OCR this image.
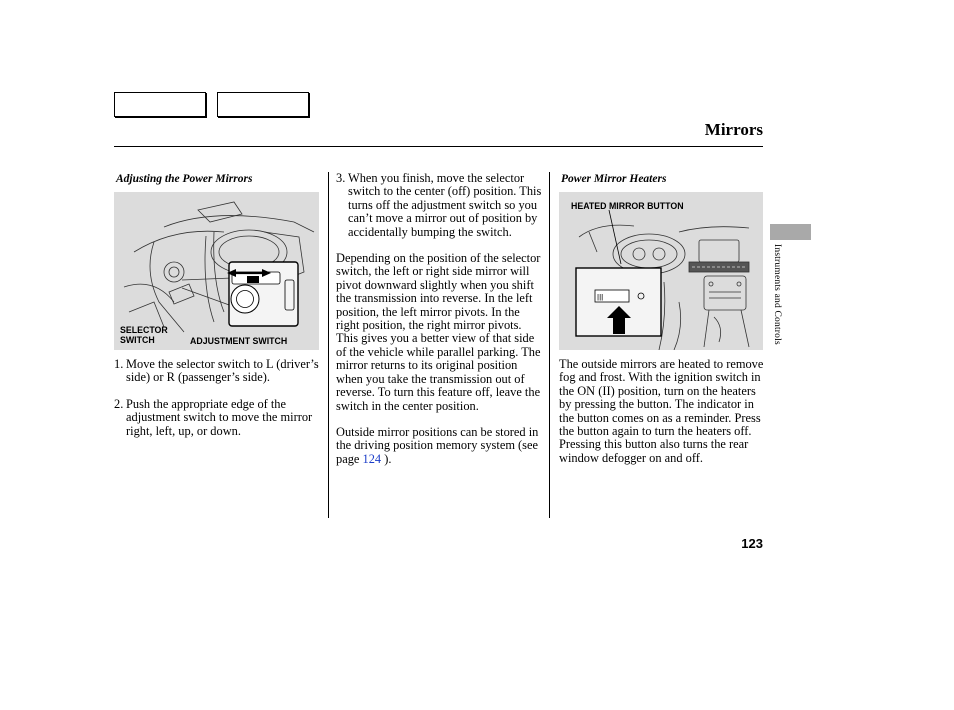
Mirrors
Adjusting the Power Mirrors
SELECTOR
SWITCH	ADJUSTMENT SWITCH
1. Move the selector switch to L (driver’s side) or R (passenger’s side).
2. Push the appropriate edge of the adjustment switch to move the mirror right, left, up, or down.
3. When you finish, move the selector switch to the center (off) position. This turns off the adjustment switch so you can’t move a mirror out of position by accidentally bumping the switch.

Depending on the position of the selector switch, the left or right side mirror will pivot downward slightly when you shift the transmission into reverse. In the left position, the left mirror pivots. In the right position, the right mirror pivots. This gives you a better view of that side of the vehicle while parallel parking. The mirror returns to its original position when you take the transmission out of reverse. To turn this feature off, leave the switch in the center position.

Outside mirror positions can be stored in the driving position memory system (see page 124 ).

Power Mirror Heaters
ǀǀǀ
HEATED MIRROR BUTTON

The outside mirrors are heated to remove fog and frost. With the ignition switch in the ON (II) position, turn on the heaters by pressing the button. The indicator in the button comes on as a reminder. Press the button again to turn the heaters off. Pressing this button also turns the rear window defogger on and off.

Instruments and Controls
123
